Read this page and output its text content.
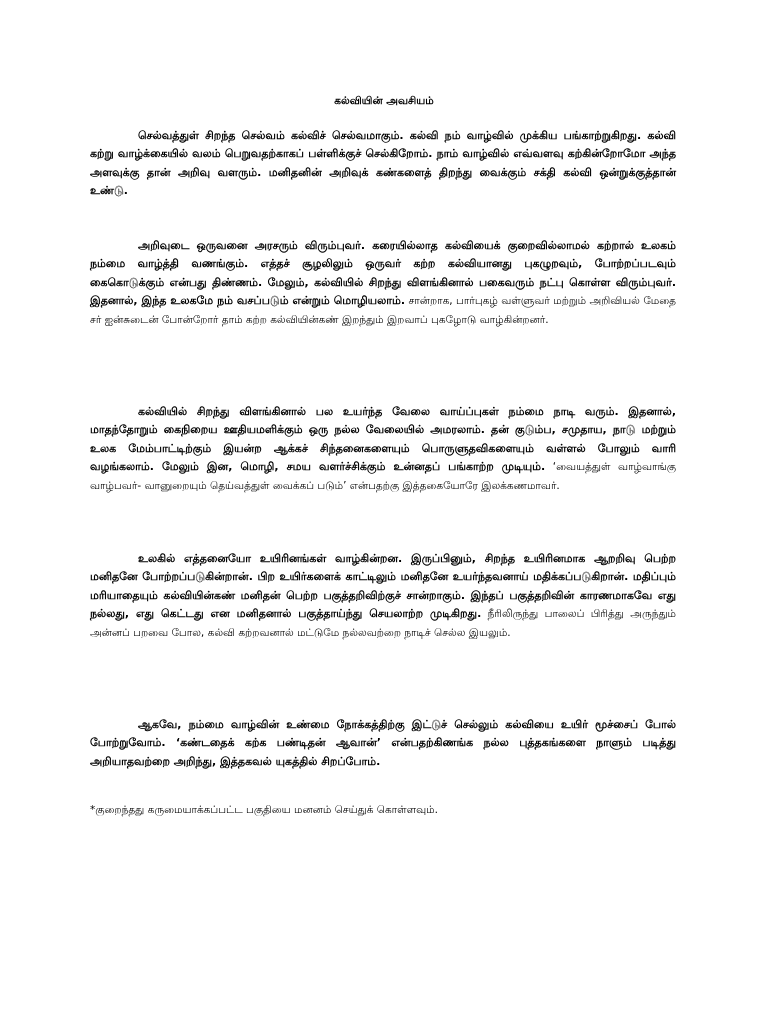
கல்வியின் அவசியம்

செல்வத்துள் சிறந்த செல்வம் கல்விச் செல்வமாகும். கல்வி நம் வாழ்வில் முக்கிய பங்காற்றுகிறது. கல்வி கற்று வாழ்க்கையில் வலம் பெறுவதற்காகப் பள்ளிக்குச் செல்கிறோம். நாம் வாழ்வில் எவ்வளவு கற்கின்றோமோ அந்த அளவுக்கு தான் அறிவு வளரும். மனிதனின் அறிவுக் கண்களைத் திறந்து வைக்கும் சக்தி கல்வி ஒன்றுக்குத்தான் உண்டு.

அறிவுடை ஒருவனை அரசரும் விரும்புவர். கரையில்லாத கல்வியைக் குறைவில்லாமல் கற்றால் உலகம் நம்மை வாழ்த்தி வணங்கும். எத்தச் சூழலிலும் ஒருவர் கற்ற கல்வியானது புகழுறவும், போற்றப்படவும் கைகொடுக்கும் என்பது திண்ணம். மேலும், கல்வியில் சிறந்து விளங்கினால் பகைவரும் நட்பு கொள்ள விரும்புவர். இதனால், இந்த உலகமே நம் வசப்படும் என்றும் மொழியலாம். சான்றாக, பார்புகழ் வள்ளுவர் மற்றும் அறிவியல் மேதை சர் ஐன்சுடைன் போன்றோர் தாம் கற்ற கல்வியின்கண் இறந்தும் இறவாப் புகழோடு வாழ்கின்றனர்.

கல்வியில் சிறந்து விளங்கினால் பல உயர்ந்த வேலை வாய்ப்புகள் நம்மை நாடி வரும். இதனால், மாதந்தோறும் கைநிறைய ஊதியமளிக்கும் ஒரு நல்ல வேலையில் அமரலாம். தன் குடும்ப, சமுதாய, நாடு மற்றும் உலக மேம்பாட்டிற்கும் இயன்ற ஆக்கச் சிந்தனைகளையும் பொருளுதவிகளையும் வள்ளல் போலும் வாரி வழங்கலாம். மேலும் இன, மொழி, சமய வளர்ச்சிக்கும் உன்னதப் பங்காற்ற முடியும். ‘வையத்துள் வாழ்வாங்கு வாழ்பவர்- வானுறையும் தெய்வத்துள் வைக்கப் படும்’ என்பதற்கு இத்தகையோரே இலக்கணமாவர்.

உலகில் எத்தனையோ உயிரினங்கள் வாழ்கின்றன. இருப்பினும், சிறந்த உயிரினமாக ஆறறிவு பெற்ற மனிதனே போற்றப்படுகின்றான். பிற உயிர்களைக் காட்டிலும் மனிதனே உயர்ந்தவனாய் மதிக்கப்படுகிறான். மதிப்பும் மரியாதையும் கல்வியின்கண் மனிதன் பெற்ற பகுத்தறிவிற்குச் சான்றாகும். இந்தப் பகுத்தறிவின் காரணமாகவே எது நல்லது, எது கெட்டது என மனிதனால் பகுத்தாய்ந்து செயலாற்ற முடிகிறது. நீரிலிருந்து பாலைப் பிரித்து அருந்தும் அன்னப் பறவை போல, கல்வி கற்றவனால் மட்டுமே நல்லவற்றை நாடிச் செல்ல இயலும்.

ஆகவே, நம்மை வாழ்வின் உண்மை நோக்கத்திற்கு இட்டுச் செல்லும் கல்வியை உயிர் மூச்சைப் போல் போற்றுவோம். ‘கண்டதைக் கற்க பண்டிதன் ஆவான்’ என்பதற்கிணங்க நல்ல புத்தகங்களை நாளும் படித்து அறியாதவற்றை அறிந்து, இத்தகவல் யுகத்தில் சிறப்போம்.

*குறைந்தது கருமையாக்கப்பட்ட பகுதியை மனனம் செய்துக் கொள்ளவும்.
